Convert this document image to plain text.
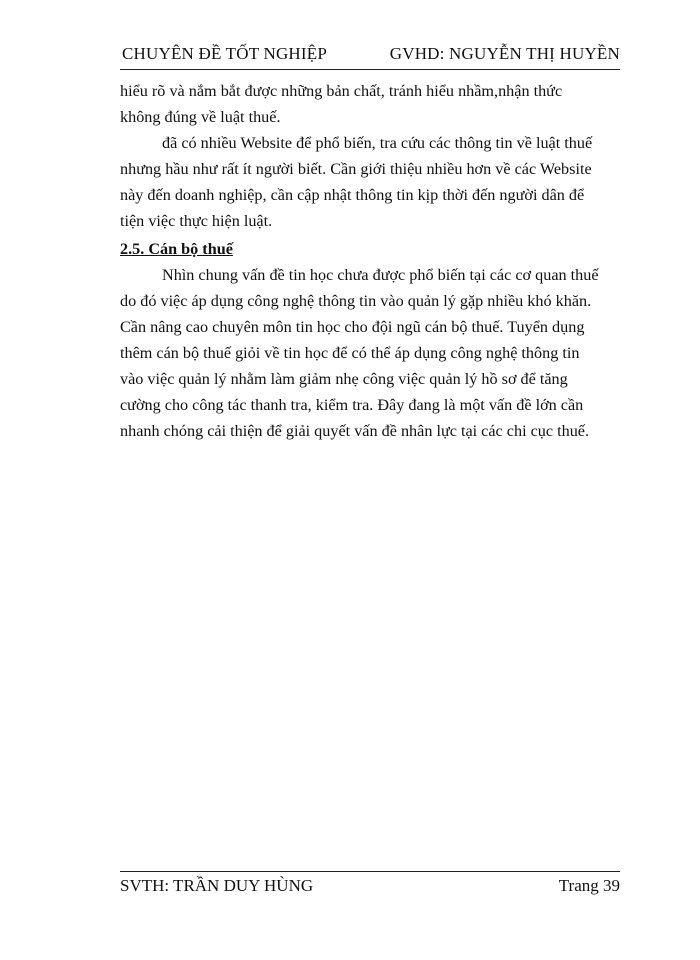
CHUYÊN ĐỀ TỐT NGHIỆP	GVHD: NGUYỄN THỊ HUYỀN
hiểu rõ và nắm bắt được những bản chất, tránh hiểu nhầm,nhận thức
không đúng về luật thuế.
đã có nhiều Website để phổ biến, tra cứu các thông tin về luật thuế
nhưng hầu như rất ít người biết. Cần giới thiệu nhiều hơn về các Website
này đến doanh nghiệp, cần cập nhật thông tin kịp thời đến người dân để
tiện việc thực hiện luật.
2.5. Cán bộ thuế
Nhìn chung vấn đề tin học chưa được phổ biến tại các cơ quan thuế
do đó việc áp dụng công nghệ thông tin vào quản lý gặp nhiều khó khăn.
Cần nâng cao chuyên môn tin học cho đội ngũ cán bộ thuế. Tuyển dụng
thêm cán bộ thuế giỏi về tin học để có thể áp dụng công nghệ thông tin
vào việc quản lý nhằm làm giảm nhẹ công việc quản lý hồ sơ để tăng
cường cho công tác thanh tra, kiểm tra. Đây đang là một vấn đề lớn cần
nhanh chóng cải thiện để giải quyết vấn đề nhân lực tại các chi cục thuế.
SVTH: TRẦN DUY HÙNG	Trang 39
